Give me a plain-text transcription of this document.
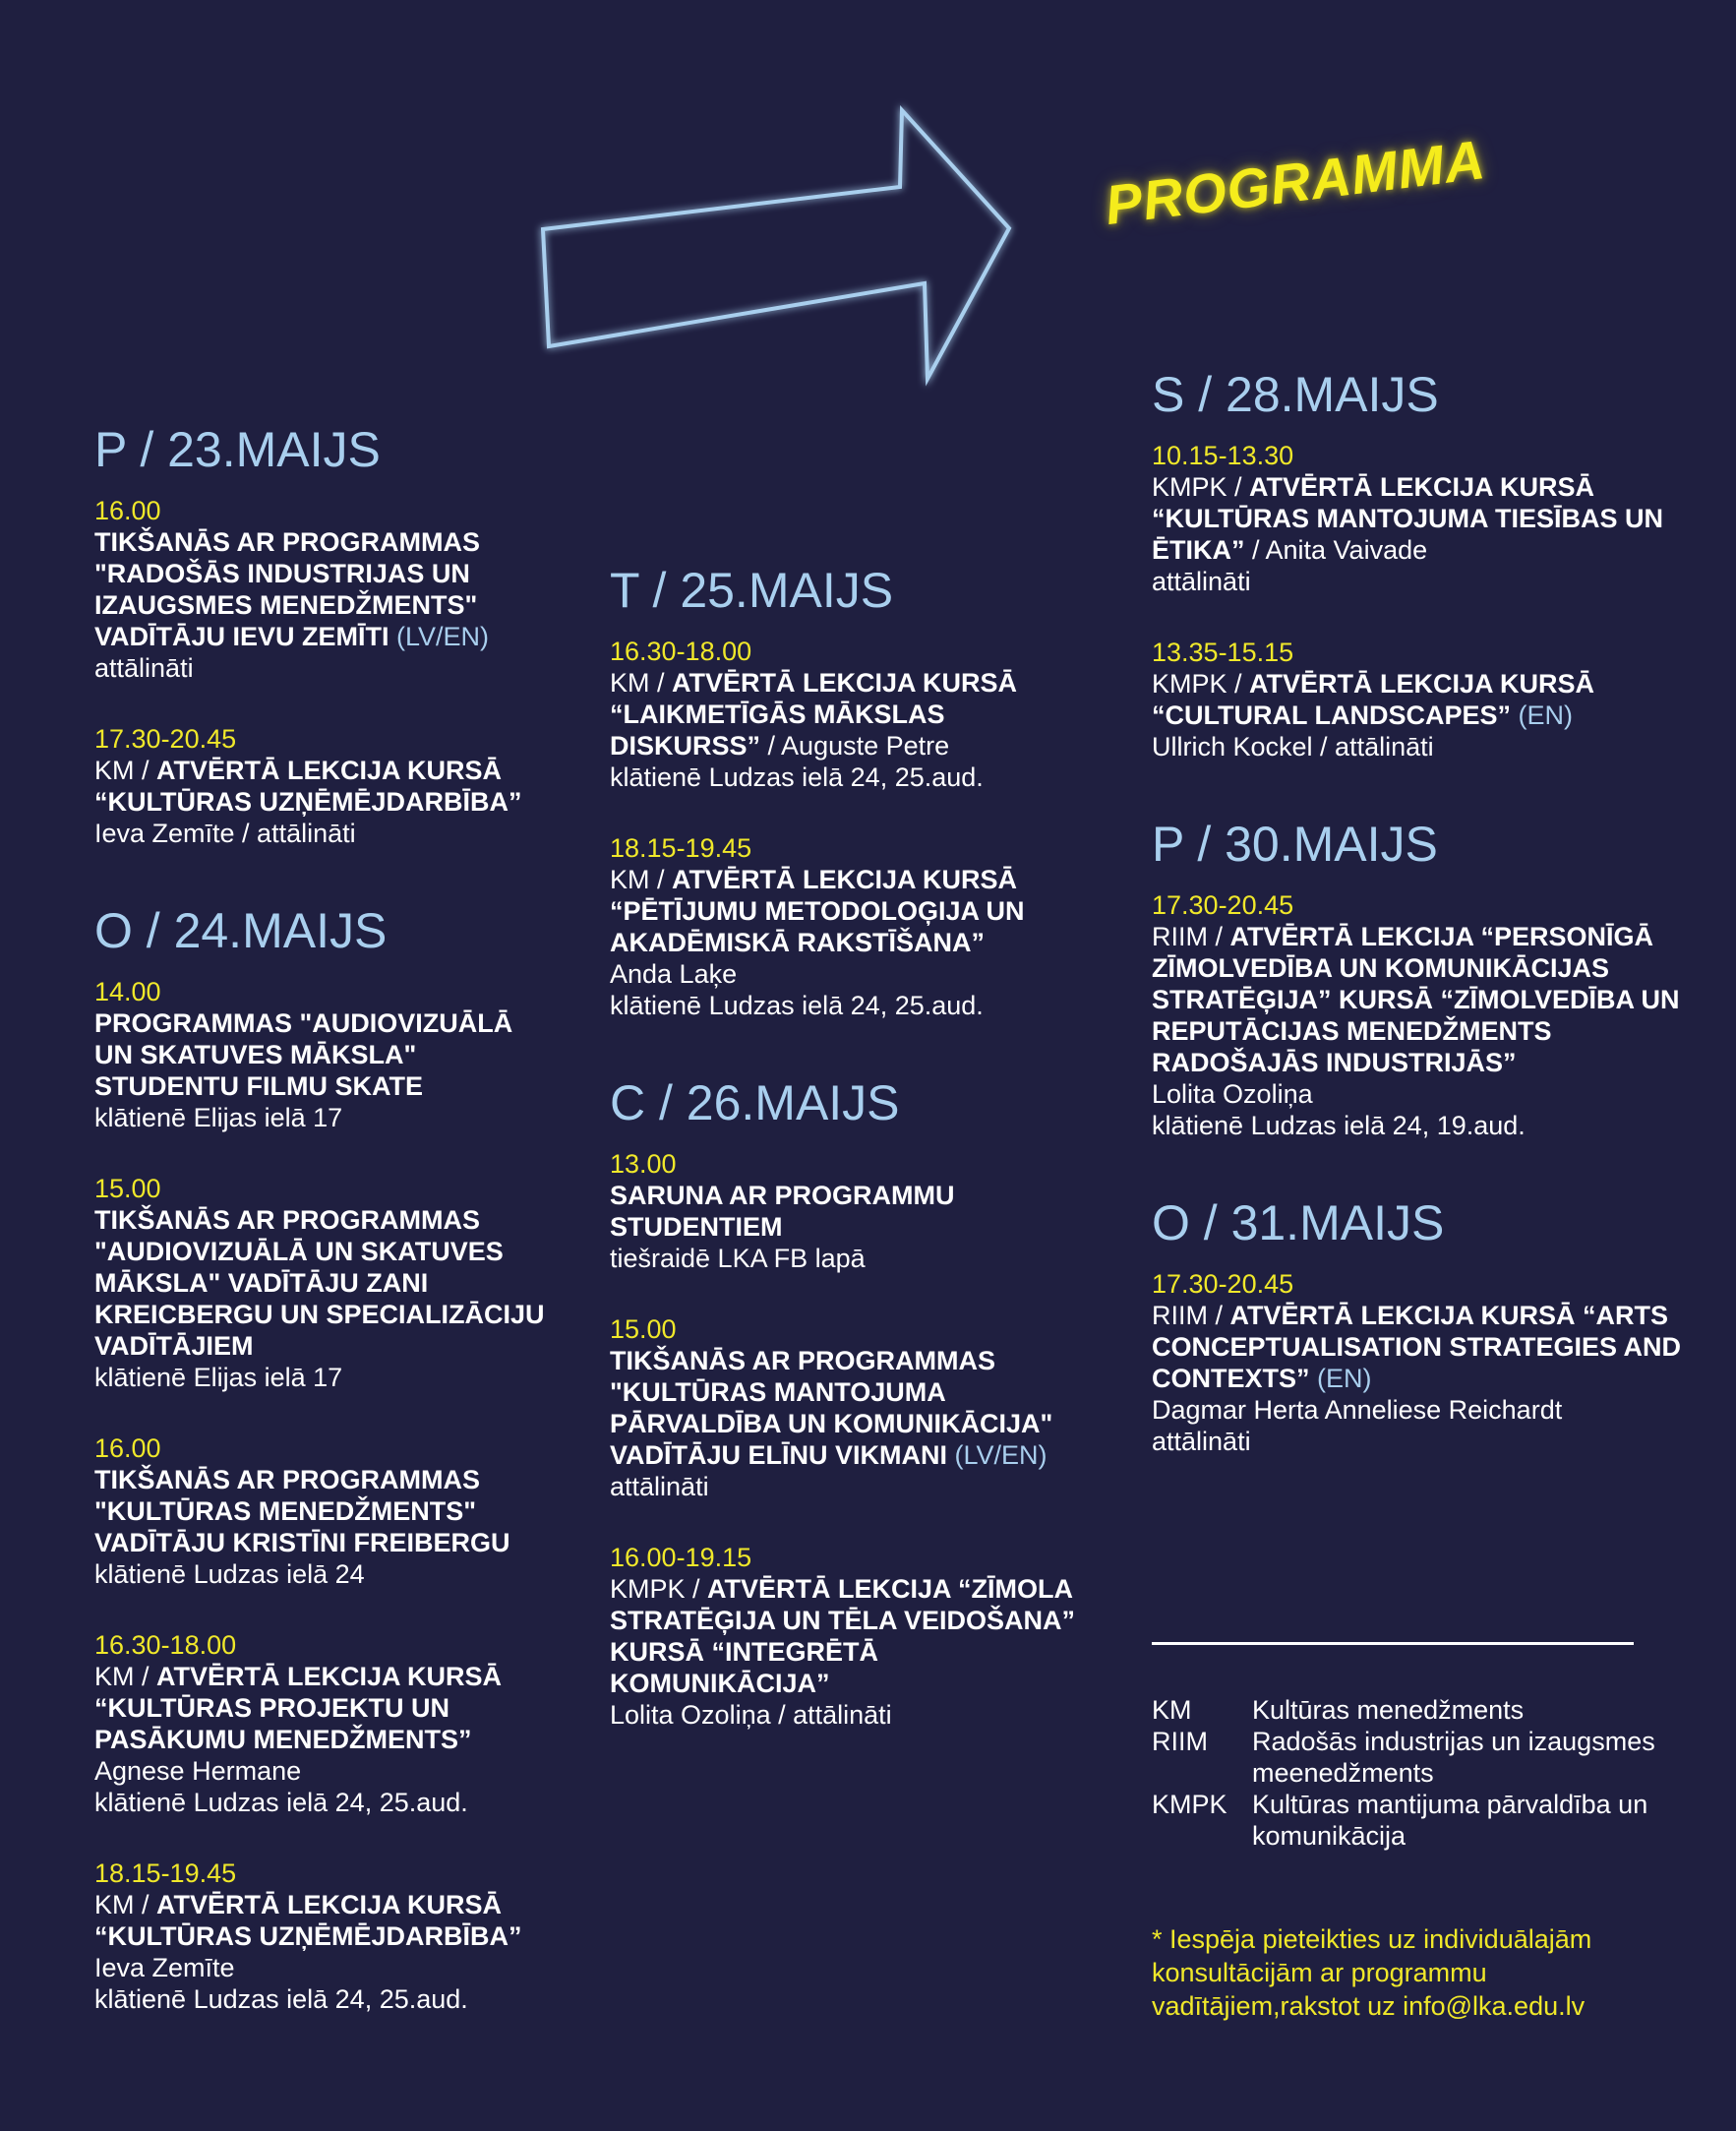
PROGRAMMA
P / 23.MAIJS
16.00
TIKŠANĀS AR PROGRAMMAS "RADOŠĀS INDUSTRIJAS UN IZAUGSMES MENEDŽMENTS" VADĪTĀJU IEVU ZEMĪTI (LV/EN)
attālināti
17.30-20.45
KM / ATVĒRTĀ LEKCIJA KURSĀ “KULTŪRAS UZŅĒMĒJDARBĪBA”
Ieva Zemīte / attālināti
O / 24.MAIJS
14.00
PROGRAMMAS "AUDIOVIZUĀLĀ UN SKATUVES MĀKSLA" STUDENTU FILMU SKATE
klātienē Elijas ielā 17
15.00
TIKŠANĀS AR PROGRAMMAS "AUDIOVIZUĀLĀ UN SKATUVES MĀKSLA" VADĪTĀJU ZANI KREICBERGU UN SPECIALIZĀCIJU VADĪTĀJIEM
klātienē Elijas ielā 17
16.00
TIKŠANĀS AR PROGRAMMAS "KULTŪRAS MENEDŽMENTS" VADĪTĀJU KRISTĪNI FREIBERGU
klātienē Ludzas ielā 24
16.30-18.00
KM / ATVĒRTĀ LEKCIJA KURSĀ “KULTŪRAS PROJEKTU UN PASĀKUMU MENEDŽMENTS”
Agnese Hermane
klātienē Ludzas ielā 24, 25.aud.
18.15-19.45
KM / ATVĒRTĀ LEKCIJA KURSĀ “KULTŪRAS UZŅĒMĒJDARBĪBA”
Ieva Zemīte
klātienē Ludzas ielā 24, 25.aud.
T / 25.MAIJS
16.30-18.00
KM / ATVĒRTĀ LEKCIJA KURSĀ “LAIKMETĪGĀS MĀKSLAS DISKURSS” / Auguste Petre
klātienē Ludzas ielā 24, 25.aud.
18.15-19.45
KM / ATVĒRTĀ LEKCIJA KURSĀ “PĒTĪJUMU METODOLOĢIJA UN AKADĒMISKĀ RAKSTĪŠANA”
Anda Laķe
klātienē Ludzas ielā 24, 25.aud.
C / 26.MAIJS
13.00
SARUNA AR PROGRAMMU STUDENTIEM
tiešraidē LKA FB lapā
15.00
TIKŠANĀS AR PROGRAMMAS "KULTŪRAS MANTOJUMA PĀRVALDĪBA UN KOMUNIKĀCIJA" VADĪTĀJU ELĪNU VIKMANI (LV/EN)
attālināti
16.00-19.15
KMPK / ATVĒRTĀ LEKCIJA “ZĪMOLA STRATĒĢIJA UN TĒLA VEIDOŠANA” KURSĀ “INTEGRĒTĀ KOMUNIKĀCIJA”
Lolita Ozoliņa / attālināti
S / 28.MAIJS
10.15-13.30
KMPK / ATVĒRTĀ LEKCIJA KURSĀ “KULTŪRAS MANTOJUMA TIESĪBAS UN ĒTIKA” / Anita Vaivade
attālināti
13.35-15.15
KMPK / ATVĒRTĀ LEKCIJA KURSĀ “CULTURAL LANDSCAPES” (EN)
Ullrich Kockel / attālināti
P / 30.MAIJS
17.30-20.45
RIIM / ATVĒRTĀ LEKCIJA “PERSONĪGĀ ZĪMOLVEDĪBA UN KOMUNIKĀCIJAS STRATĒĢIJA” KURSĀ “ZĪMOLVEDĪBA UN REPUTĀCIJAS MENEDŽMENTS RADOŠAJĀS INDUSTRIJĀS”
Lolita Ozoliņa
klātienē Ludzas ielā 24, 19.aud.
O / 31.MAIJS
17.30-20.45
RIIM / ATVĒRTĀ LEKCIJA KURSĀ “ARTS CONCEPTUALISATION STRATEGIES AND CONTEXTS” (EN)
Dagmar Herta Anneliese Reichardt
attālināti
KM	Kultūras menedžments
RIIM	Radošās industrijas un izaugsmes meenedžments
KMPK Kultūras mantijuma pārvaldība un komunikācija
* Iespēja pieteikties uz individuālajām konsultācijām ar programmu vadītājiem,rakstot uz info@lka.edu.lv
